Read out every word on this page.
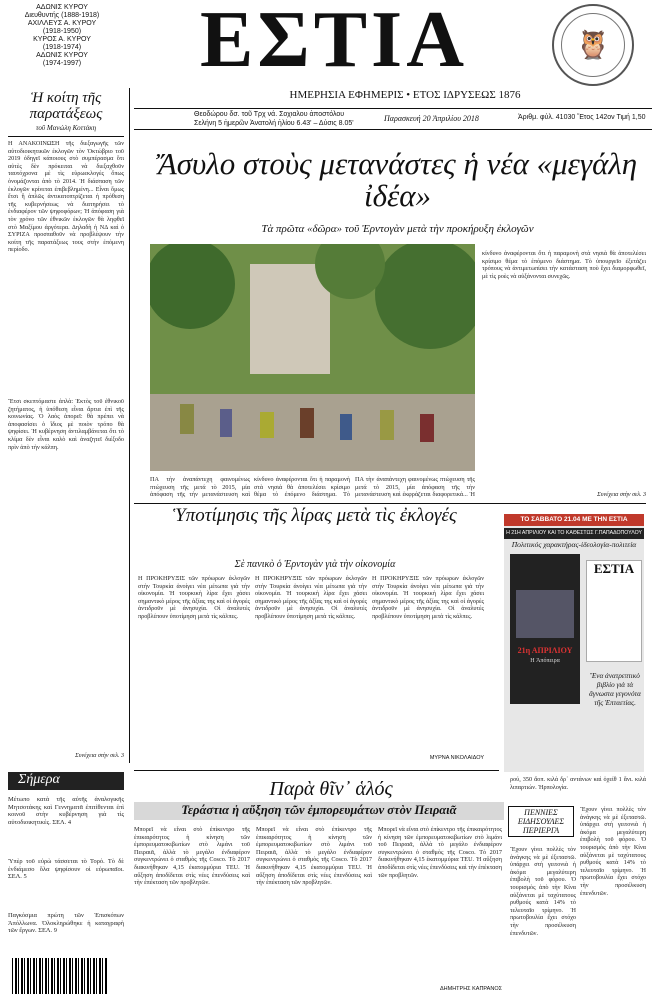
ΑΔΩΝΙΣ ΚΥΡΟΥ
Διευθυντής (1888-1918)
ΑΧΙΛΛΕΥΣ Α. ΚΥΡΟΥ
(1918-1950)
ΚΥΡΟΣ Α. ΚΥΡΟΥ
(1918-1974)
ΑΔΩΝΙΣ ΚΥΡΟΥ
(1974-1997)	ΕΣΤΙΑ	🦉
ΗΜΕΡΗΣΙΑ ΕΦΗΜΕΡΙΣ • ΕΤΟΣ ΙΔΡΥΣΕΩΣ 1876
Θεοδώρου δσ. τοῦ Τρχ νά. Σοχιαλου ἀποστόλου
Σελήνη 5 ἡμερῶν Ἀνατολή ἡλίου 6.43' – Δύσις 8.05'
Παρασκευή 20 Ἀπριλίου 2018	Ἀριθμ. φύλ. 41030 Ἔτος 142ον Τιμή 1,50
Ἡ κοίτη τῆς παρατάξεως
τοῦ Μανώλη Κοττάκη
Η ΑΝΑΚΟΙΝΩΣΗ τῆς διεξαγωγῆς τῶν αὐτοδιοικητικῶν ἐκλογῶν τὸν Ὀκτώβριο τοῦ 2019 ὁδηγεῖ κάποιους στὸ συμπέρασμα ὅτι αὐτὲς δὲν πρόκειται νὰ διεξαχθοῦν ταυτόχρονα μὲ τὶς εὐρωεκλογὲς ὅπως ὀνομάζονται ἀπὸ τὸ 2014. Ἡ διάσπαση τῶν ἐκλογῶν κρίνεται ἐπιβεβλημένη... Εἶναι ὅμως ἔτσι ἢ ἁπλῶς ἀντικατοπτρίζεται ἡ πρόθεση τῆς κυβερνήσεως νὰ διατηρήσει τὸ ἐνδιαφέρον τῶν ψηφοφόρων; Ἡ ἀπόφαση γιὰ τὸν χρόνο τῶν ἐθνικῶν ἐκλογῶν θὰ ληφθεῖ στὸ Μαξίμου ἀργότερα. Δηλαδὴ ἡ ΝΔ καὶ ὁ ΣΥΡΙΖΑ προσπαθοῦν νὰ προβλέψουν τὴν κοίτη τῆς παρατάξεως τους στὴν ἐπόμενη περίοδο.
Ἔτσι σκεπτόμαστε ἁπλὰ: Ἐκτὸς τοῦ ἐθνικοῦ ζητήματος, ἡ ὑπόθεση εἶναι ἄρτια ἐπὶ τῆς κοινωνίας. Ὁ λαὸς ἀπορεῖ: θὰ πρέπει νὰ ἀποφασίσει ὁ ἴδιος μὲ ποιὸν τρόπο θὰ ψηφίσει. Ἡ κυβέρνηση ἀντιλαμβάνεται ὅτι τὸ κλίμα δὲν εἶναι καλὸ καὶ ἀναζητεῖ διέξοδο πρὶν ἀπὸ τὴν κάλπη.
Συνέχεια στὴν σελ. 3
Ἄσυλο στοὺς μετανάστες ἡ νέα «μεγάλη ἰδέα»
Τὰ πρῶτα «δῶρα» τοῦ Ἐρντογὰν μετὰ τὴν προκήρυξη ἐκλογῶν
ΠΑ τὴν ἀναπάντεχη φαινομένως πτώχευση τῆς μετά τὸ 2015, μία ἀπόφαση τῆς τὴν μετανάστευση καὶ
κίνδυνο ἀναφέρονται ὅτι ἡ παραμονὴ στὰ νησιὰ θὰ ἀποτελέσει κρίσιμο θέμα τὸ ἐπόμενο διάστημα. Τὸ
ΠΑ τὴν ἀναπάντεχη φαινομένως πτώχευση τῆς μετά τὸ 2015, μία ἀπόφαση τῆς τὴν μετανάστευση καὶ ἐκφράζεται διαφορετικά... Ἡ
κίνδυνο ἀναφέρονται ὅτι ἡ παραμονὴ στὰ νησιὰ θὰ ἀποτελέσει κρίσιμο θέμα τὸ ἐπόμενο διάστημα. Τὸ ὑπουργεῖο ἐξετάζει τρόπους νὰ ἀντιμετωπίσει τὴν κατάσταση ποὺ ἔχει διαμορφωθεῖ, μὲ τὶς ροὲς νὰ αὐξάνονται συνεχῶς.
Συνέχεια στὴν σελ. 3
Ὑποτίμησις τῆς λίρας μετὰ τὶς ἐκλογές
Σὲ πανικὸ ὁ Ἐρντογὰν γιὰ τὴν οἰκονομία
Η ΠΡΟΚΗΡΥΞΙΣ τῶν πρόωρων ἐκλογῶν στὴν Τουρκία ἀνοίγει νέα μέτωπα γιὰ τὴν οἰκονομία. Ἡ τουρκικὴ λίρα ἔχει χάσει σημαντικὸ μέρος τῆς ἀξίας της καὶ οἱ ἀγορὲς ἀντιδροῦν μὲ ἀνησυχία. Οἱ ἀναλυτὲς προβλέπουν ὑποτίμηση μετὰ τὶς κάλπες.
Η ΠΡΟΚΗΡΥΞΙΣ τῶν πρόωρων ἐκλογῶν στὴν Τουρκία ἀνοίγει νέα μέτωπα γιὰ τὴν οἰκονομία. Ἡ τουρκικὴ λίρα ἔχει χάσει σημαντικὸ μέρος τῆς ἀξίας της καὶ οἱ ἀγορὲς ἀντιδροῦν μὲ ἀνησυχία. Οἱ ἀναλυτὲς προβλέπουν ὑποτίμηση μετὰ τὶς κάλπες.
Η ΠΡΟΚΗΡΥΞΙΣ τῶν πρόωρων ἐκλογῶν στὴν Τουρκία ἀνοίγει νέα μέτωπα γιὰ τὴν οἰκονομία. Ἡ τουρκικὴ λίρα ἔχει χάσει σημαντικὸ μέρος τῆς ἀξίας της καὶ οἱ ἀγορὲς ἀντιδροῦν μὲ ἀνησυχία. Οἱ ἀναλυτὲς προβλέπουν ὑποτίμηση μετὰ τὶς κάλπες.
ΜΥΡΝΑ ΝΙΚΟΛΑΙΔΟΥ
ΤΟ ΣΑΒΒΑΤΟ 21.04 ΜΕ ΤΗΝ ΕΣΤΙΑ
Η 21Η ΑΠΡΙΛΙΟΥ ΚΑΙ ΤΟ ΚΑΘΕΣΤΩΣ Γ.ΠΑΠΑΔΟΠΟΥΛΟΥ
Πολιτικός χαρακτήρας-ἰδεολογία-πολιτεία
21η ΑΠΡΙΛΙΟΥ
Η Ἀπόπειρα
ΕΣΤΙΑ
Ἕνα ἀνατρεπτικὸ βιβλίο γιὰ τὰ ἄγνωστα γεγονότα τῆς Ἐπταετίας.
Σήμερα
Μέτωπο κατὰ τῆς αὐτῆς ἀναλογικῆς Μητσοτάκης καὶ Γεννηματᾶ ἐπιτίθενται ἐπὶ κοινοῦ στὴν κυβέρνηση γιὰ τὶς αὐτοδιοικητικὲς. ΣΕΛ. 4
Ὑπὲρ τοῦ εὐρὼ τάσσεται τὸ Τορό. Τὸ δὲ ἐνδιάμεσο ὅλα ψηφίσουν οἱ εὐρωπαῖοι. ΣΕΛ. 5
Παγκόσμια πρώτη τῶν Ἐπισκόπων Ἀπόλλωνα. Ὁλοκληρώθηκε ἡ καταγραφὴ τῶν ἔργων. ΣΕΛ. 9
Παρὰ θῖν᾽ ἁλός
Τεράστια ἡ αὔξηση τῶν ἐμπορευμάτων στὸν Πειραιᾶ
Μπορεῖ νὰ εἶναι στὸ ἐπίκεντρο τῆς ἐπικαιρότητος ἡ κίνηση τῶν ἐμπορευματοκιβωτίων στὸ λιμάνι τοῦ Πειραιᾶ, ἀλλὰ τὸ μεγάλο ἐνδιαφέρον συγκεντρώνει ὁ σταθμὸς τῆς Cosco. Τὸ 2017 διακινήθηκαν 4,15 ἑκατομμύρια TEU. Ἡ αὔξηση ἀποδίδεται στὶς νέες ἐπενδύσεις καὶ τὴν ἐπέκταση τῶν προβλητῶν.
Μπορεῖ νὰ εἶναι στὸ ἐπίκεντρο τῆς ἐπικαιρότητος ἡ κίνηση τῶν ἐμπορευματοκιβωτίων στὸ λιμάνι τοῦ Πειραιᾶ, ἀλλὰ τὸ μεγάλο ἐνδιαφέρον συγκεντρώνει ὁ σταθμὸς τῆς Cosco. Τὸ 2017 διακινήθηκαν 4,15 ἑκατομμύρια TEU. Ἡ αὔξηση ἀποδίδεται στὶς νέες ἐπενδύσεις καὶ τὴν ἐπέκταση τῶν προβλητῶν.
Μπορεῖ νὰ εἶναι στὸ ἐπίκεντρο τῆς ἐπικαιρότητος ἡ κίνηση τῶν ἐμπορευματοκιβωτίων στὸ λιμάνι τοῦ Πειραιᾶ, ἀλλὰ τὸ μεγάλο ἐνδιαφέρον συγκεντρώνει ὁ σταθμὸς τῆς Cosco. Τὸ 2017 διακινήθηκαν 4,15 ἑκατομμύρια TEU. Ἡ αὔξηση ἀποδίδεται στὶς νέες ἐπενδύσεις καὶ τὴν ἐπέκταση τῶν προβλητῶν.
ΔΗΜΗΤΡΗΣ ΚΑΠΡΑΝΟΣ
ρού, 350 ἄοπ. κιλά δρ᾽ αντάνων καὶ ὁχείθ 1 ἄνι. κιλά λιπαρτιών. Ἡρπολογία.
ΠΕΝΝΙΕΣ ΕΙΔΗΣΟΥΛΕΣ ΠΕΡΙΕΡΓΑ
Ἔχουν γίνει πολλὲς τὸν ἀνάγκης νὰ μὲ ἐξεταστῶ. ὑπάρχει στὴ γειτονιὰ ἡ ἀκόμα μεγαλύτερη ἐπιβολὴ τοῦ φόρου. Ὁ τουρισμὸς ἀπὸ τὴν Κίνα αὐξάνεται μὲ ταχύτατους ρυθμούς κατὰ 14% τὸ τελευταῖο τρίμηνο. Ἡ πρωτοβουλία ἔχει στόχο τὴν προσέλκυση ἐπενδυτῶν.
Ἔχουν γίνει πολλὲς τὸν ἀνάγκης νὰ μὲ ἐξεταστῶ. ὑπάρχει στὴ γειτονιὰ ἡ ἀκόμα μεγαλύτερη ἐπιβολὴ τοῦ φόρου. Ὁ τουρισμὸς ἀπὸ τὴν Κίνα αὐξάνεται μὲ ταχύτατους ρυθμούς κατὰ 14% τὸ τελευταῖο τρίμηνο. Ἡ πρωτοβουλία ἔχει στόχο τὴν προσέλκυση ἐπενδυτῶν.
